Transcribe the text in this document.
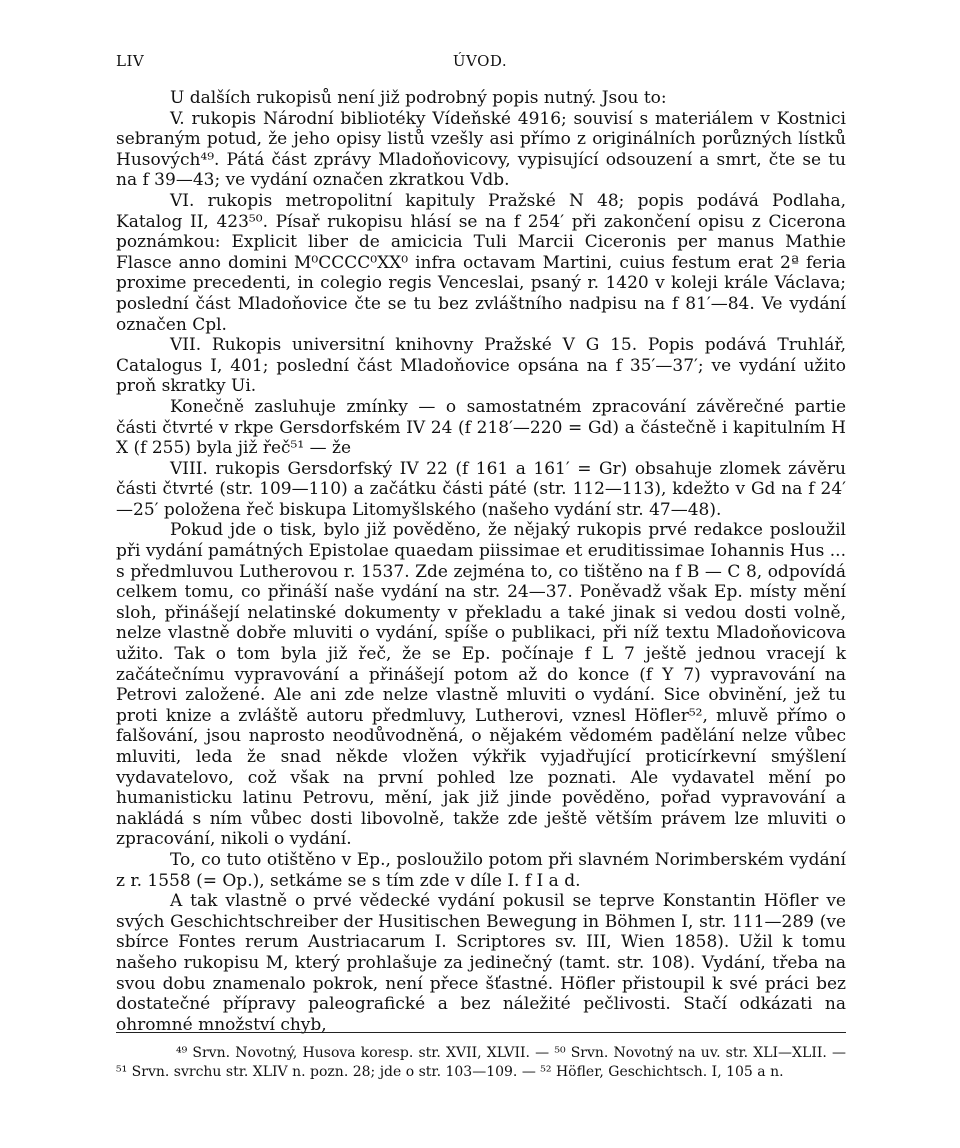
LIV	ÚVOD.

U dalších rukopisů není již podrobný popis nutný. Jsou to:

V. rukopis Národní bibliotéky Vídeňské 4916; souvisí s materiálem v Kostnici sebraným potud, že jeho opisy listů vzešly asi přímo z originálních porůzných lístků Husových⁴⁹. Pátá část zprávy Mladoňovicovy, vypisující odsouzení a smrt, čte se tu na f 39—43; ve vydání označen zkratkou Vdb.

VI. rukopis metropolitní kapituly Pražské N 48; popis podává Podlaha, Katalog II, 423⁵⁰. Písař rukopisu hlásí se na f 254′ při zakončení opisu z Cicerona poznámkou: Explicit liber de amicicia Tuli Marcii Ciceronis per manus Mathie Flasce anno domini M⁰CCCC⁰XX⁰ infra octavam Martini, cuius festum erat 2ª feria proxime precedenti, in colegio regis Venceslai, psaný r. 1420 v koleji krále Václava; poslední část Mladoňovice čte se tu bez zvláštního nadpisu na f 81′—84. Ve vydání označen Cpl.

VII. Rukopis universitní knihovny Pražské V G 15. Popis podává Truhlář, Catalogus I, 401; poslední část Mladoňovice opsána na f 35′—37′; ve vydání užito proň skratky Ui.

Konečně zasluhuje zmínky — o samostatném zpracování závěrečné partie části čtvrté v rkpe Gersdorfském IV 24 (f 218′—220 = Gd) a částečně i kapitulním H X (f 255) byla již řeč⁵¹ — že

VIII. rukopis Gersdorfský IV 22 (f 161 a 161′ = Gr) obsahuje zlomek závěru části čtvrté (str. 109—110) a začátku části páté (str. 112—113), kdežto v Gd na f 24′—25′ položena řeč biskupa Litomyšlského (našeho vydání str. 47—48).

Pokud jde o tisk, bylo již pověděno, že nějaký rukopis prvé redakce posloužil při vydání památných Epistolae quaedam piissimae et eruditissimae Iohannis Hus ... s předmluvou Lutherovou r. 1537. Zde zejména to, co tištěno na f B — C 8, odpovídá celkem tomu, co přináší naše vydání na str. 24—37. Poněvadž však Ep. místy mění sloh, přinášejí nelatinské dokumenty v překladu a také jinak si vedou dosti volně, nelze vlastně dobře mluviti o vydání, spíše o publikaci, při níž textu Mladoňovicova užito. Tak o tom byla již řeč, že se Ep. počínaje f L 7 ještě jednou vracejí k začátečnímu vypravování a přinášejí potom až do konce (f Y 7) vypravování na Petrovi založené. Ale ani zde nelze vlastně mluviti o vydání. Sice obvinění, jež tu proti knize a zvláště autoru předmluvy, Lutherovi, vznesl Höfler⁵², mluvě přímo o falšování, jsou naprosto neodůvodněná, o nějakém vědomém padělání nelze vůbec mluviti, leda že snad někde vložen výkřik vyjadřující proticírkevní smýšlení vydavatelovo, což však na první pohled lze poznati. Ale vydavatel mění po humanisticku latinu Petrovu, mění, jak již jinde pověděno, pořad vypravování a nakládá s ním vůbec dosti libovolně, takže zde ještě větším právem lze mluviti o zpracování, nikoli o vydání.

To, co tuto otištěno v Ep., posloužilo potom při slavném Norimberském vydání z r. 1558 (= Op.), setkáme se s tím zde v díle I. f I a d.

A tak vlastně o prvé vědecké vydání pokusil se teprve Konstantin Höfler ve svých Geschichtschreiber der Husitischen Bewegung in Böhmen I, str. 111—289 (ve sbírce Fontes rerum Austriacarum I. Scriptores sv. III, Wien 1858). Užil k tomu našeho rukopisu M, který prohlašuje za jedinečný (tamt. str. 108). Vydání, třeba na svou dobu znamenalo pokrok, není přece šťastné. Höfler přistoupil k své práci bez dostatečné přípravy paleografické a bez náležité pečlivosti. Stačí odkázati na ohromné množství chyb,

⁴⁹ Srvn. Novotný, Husova koresp. str. XVII, XLVII. — ⁵⁰ Srvn. Novotný na uv. str. XLI—XLII. — ⁵¹ Srvn. svrchu str. XLIV n. pozn. 28; jde o str. 103—109. — ⁵² Höfler, Geschichtsch. I, 105 a n.
